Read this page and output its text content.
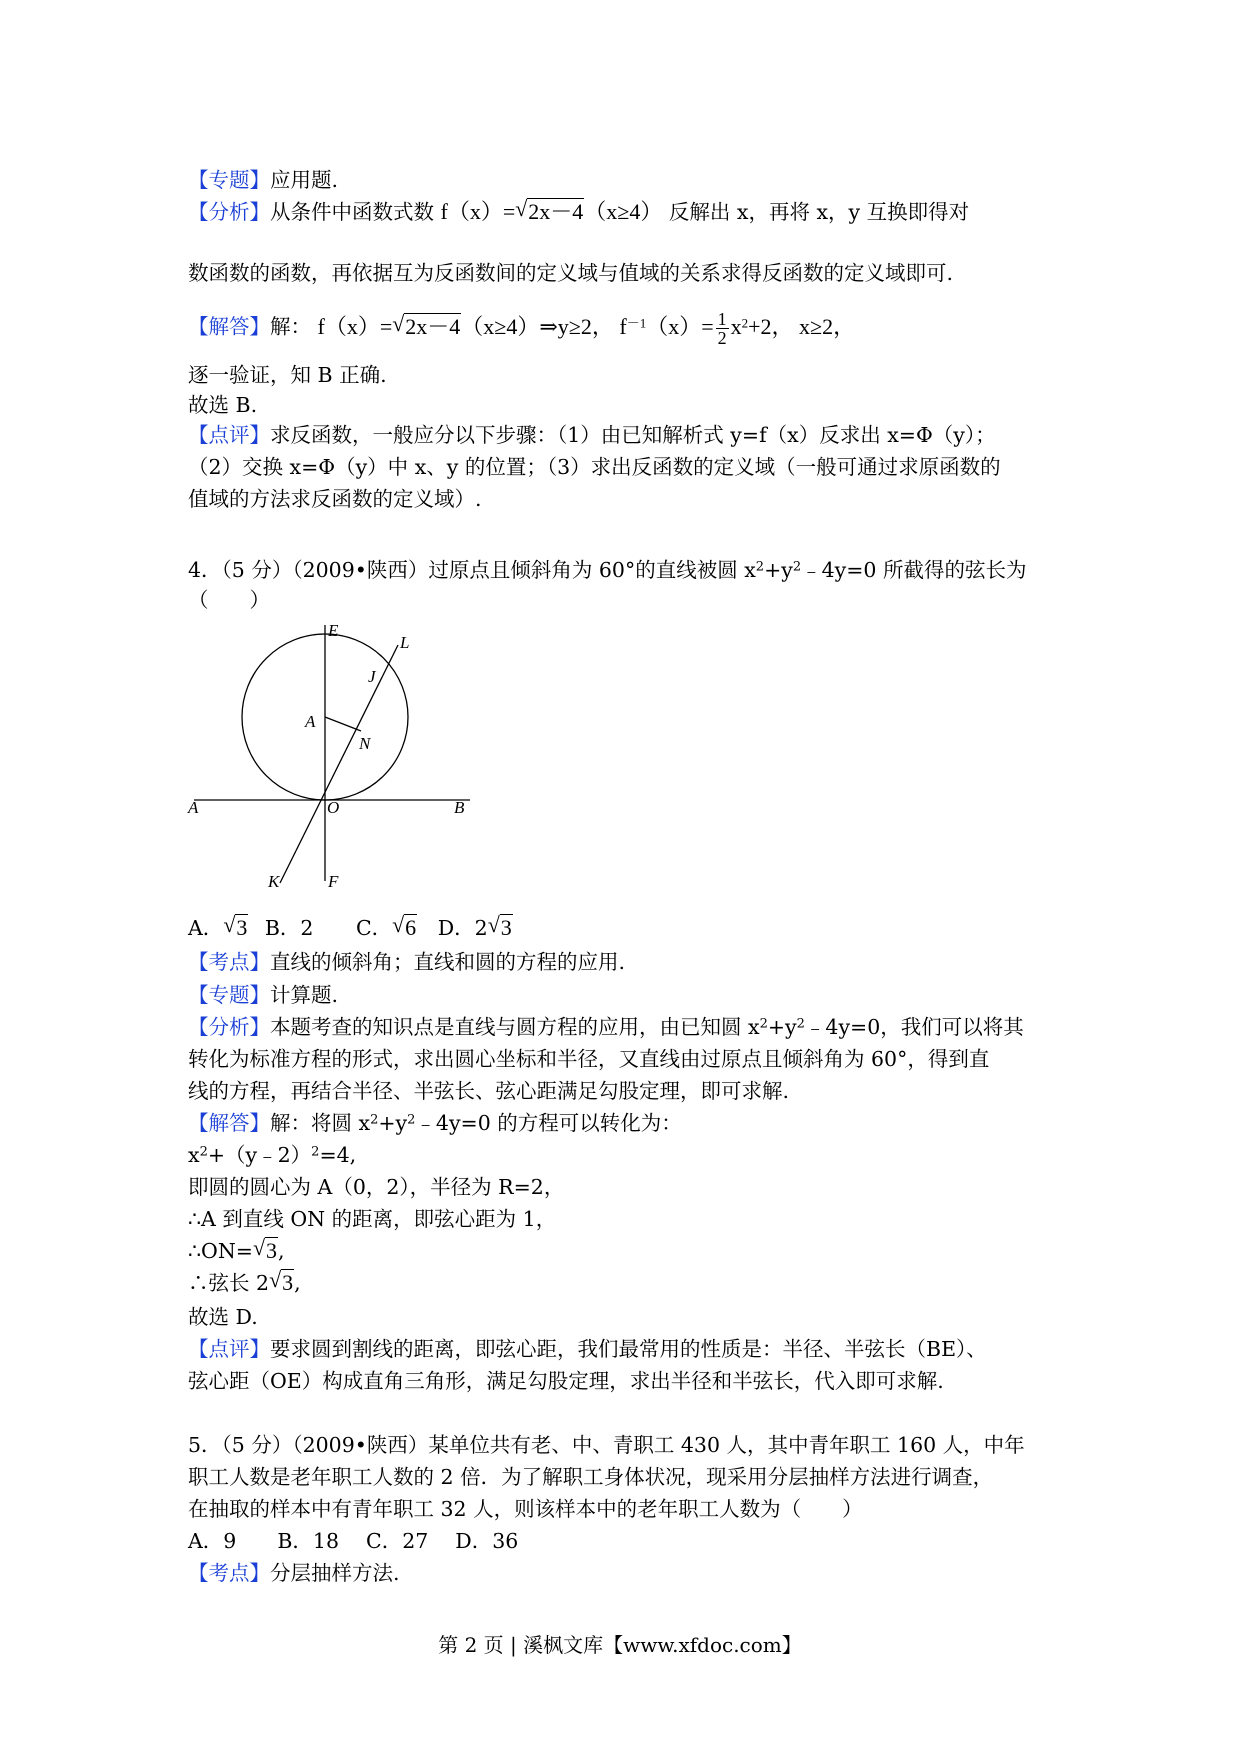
【专题】应用题.
【分析】从条件中函数式数 f（x）= √ 2x－4（x≥4） 反解出 x，再将 x，y 互换即得对
数函数的函数，再依据互为反函数间的定义域与值域的关系求得反函数的定义域即可.
【解答】解： f（x）= √ 2x－4（x≥4）⇒y≥2， $f^{-1}(x)= \frac{1}{2} x^2+2$， x≥2，
逐一验证，知 B 正确.
故选 B.
【点评】求反函数，一般应分以下步骤：（1）由已知解析式 y=f（x）反求出 x=Φ（y）；
（2）交换 x=Φ（y）中 x、y 的位置；（3）求出反函数的定义域（一般可通过求原函数的
值域的方法求反函数的定义域）.
4．（5 分）（2009•陕西）过原点且倾斜角为 60°的直线被圆 $x^2+y^2﹣4y=0$ 所截得的弦长为
（　　）
E
L
J
A
N
A	O	B
K	F
A． √ 3 B．2 C． √ 6 D．2 √ 3
【考点】直线的倾斜角；直线和圆的方程的应用.
【专题】计算题.
【分析】本题考查的知识点是直线与圆方程的应用，由已知圆 $x^2+y^2﹣4y=0$，我们可以将其
转化为标准方程的形式，求出圆心坐标和半径，又直线由过原点且倾斜角为 60°，得到直
线的方程，再结合半径、半弦长、弦心距满足勾股定理，即可求解.
【解答】解：将圆 $x^2+y^2﹣4y=0$ 的方程可以转化为：
$x^2+(y﹣2)^2=4$,
即圆的圆心为 A（0，2），半径为 R=2，
∴A 到直线 ON 的距离，即弦心距为 1，
∴ON= √ 3,
∴弦长 2 √ 3,
故选 D.
【点评】要求圆到割线的距离，即弦心距，我们最常用的性质是：半径、半弦长（BE）、
弦心距（OE）构成直角三角形，满足勾股定理，求出半径和半弦长，代入即可求解.
5．（5 分）（2009•陕西）某单位共有老、中、青职工 430 人，其中青年职工 160 人，中年
职工人数是老年职工人数的 2 倍．为了解职工身体状况，现采用分层抽样方法进行调查，
在抽取的样本中有青年职工 32 人，则该样本中的老年职工人数为（　　）
A．9　　B．18　 C．27　 D．36
【考点】分层抽样方法.
第 2 页 | 溪枫文库【www.xfdoc.com】
